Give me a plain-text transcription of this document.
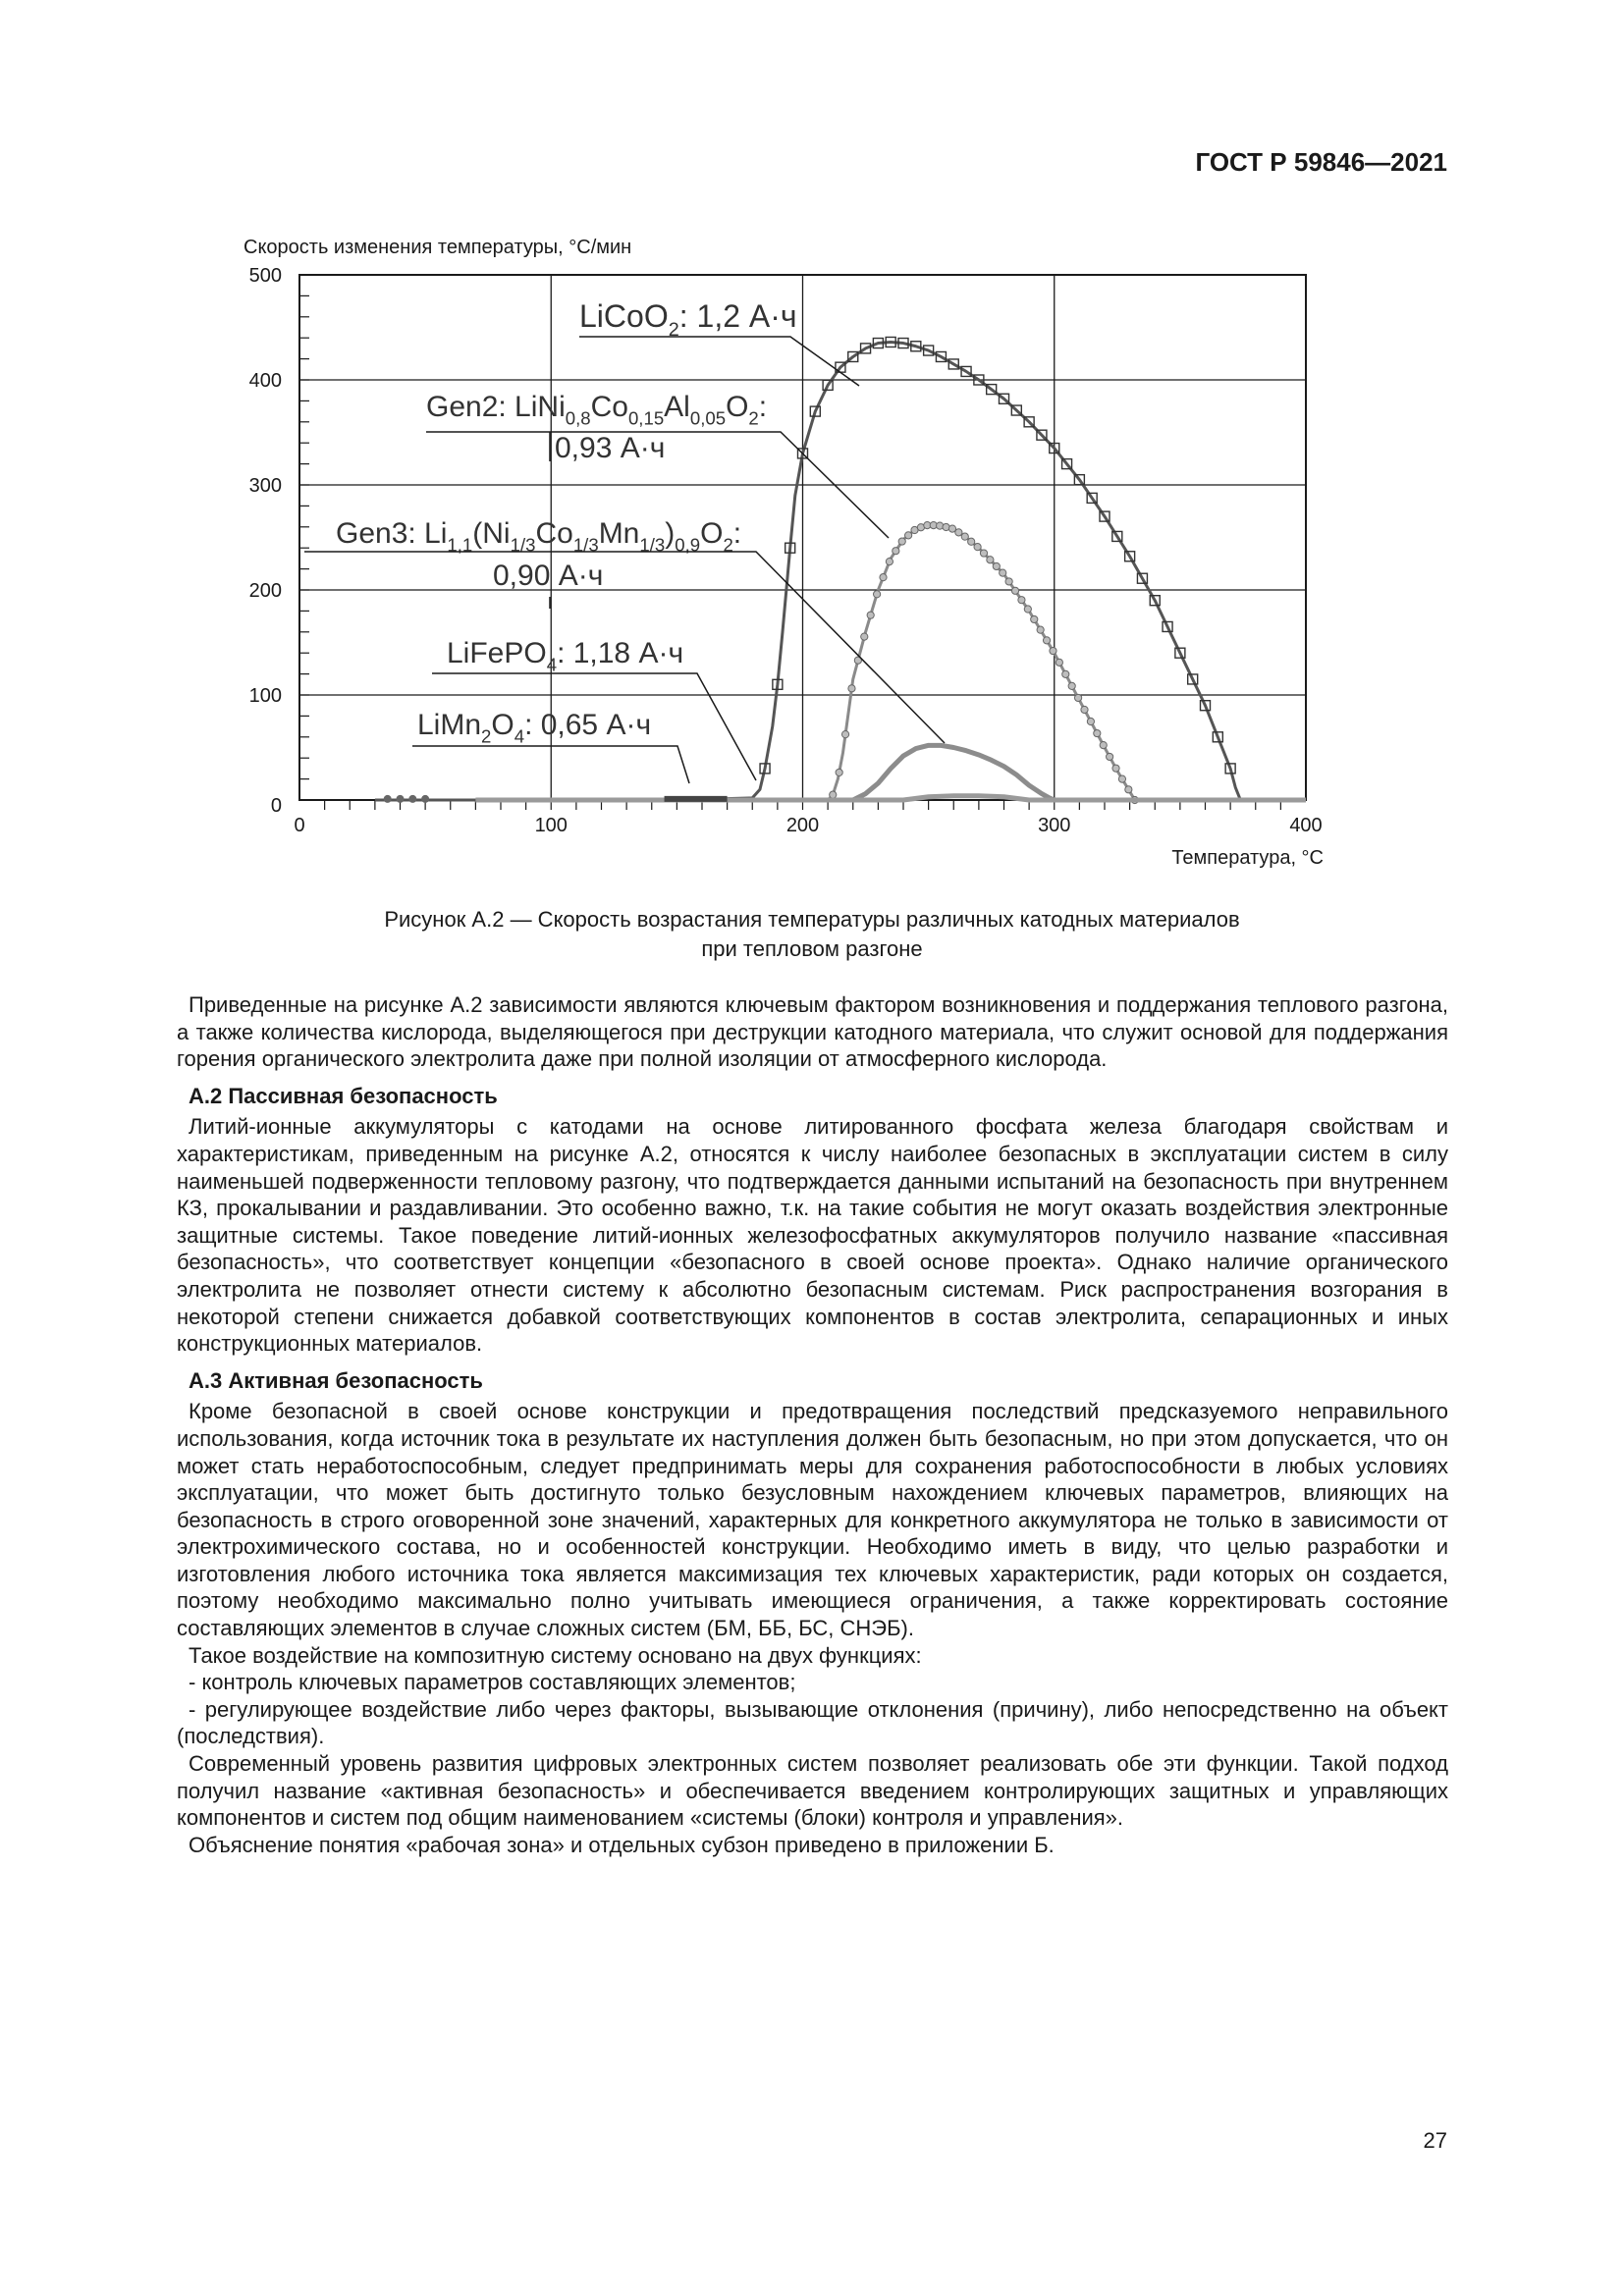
ГОСТ Р 59846—2021
Скорость изменения температуры, °С/мин
Температура, °С
0	100	200	300	400
0
100
200
300
400
500
LiCoO$_2$: 1,2 А·ч
Gen2: $LiNi_{0,8}Co_{0,15}Al_{0,05}O_2$:
0,93 А·ч
Gen3: $Li_{1,1}(Ni_{1/3}Co_{1/3}Mn_{1/3})_{0,9}O_2$:
0,90 А·ч
LiFePO$_4$: 1,18 А·ч
$LiMn_2O_4$: 0,65 А·ч
Рисунок А.2 — Скорость возрастания температуры различных катодных материалов
при тепловом разгоне

Приведенные на рисунке А.2 зависимости являются ключевым фактором возникновения и поддержания теплового разгона, а также количества кислорода, выделяющегося при деструкции катодного материала, что служит основой для поддержания горения органического электролита даже при полной изоляции от атмосферного кислорода.

А.2 Пассивная безопасность

Литий-ионные аккумуляторы с катодами на основе литированного фосфата железа благодаря свойствам и характеристикам, приведенным на рисунке А.2, относятся к числу наиболее безопасных в эксплуатации систем в силу наименьшей подверженности тепловому разгону, что подтверждается данными испытаний на безопасность при внутреннем КЗ, прокалывании и раздавливании. Это особенно важно, т.к. на такие события не могут оказать воздействия электронные защитные системы. Такое поведение литий-ионных железофосфатных аккумуляторов получило название «пассивная безопасность», что соответствует концепции «безопасного в своей основе проекта». Однако наличие органического электролита не позволяет отнести систему к абсолютно безопасным системам. Риск распространения возгорания в некоторой степени снижается добавкой соответствующих компонентов в состав электролита, сепарационных и иных конструкционных материалов.

А.3 Активная безопасность

Кроме безопасной в своей основе конструкции и предотвращения последствий предсказуемого неправильного использования, когда источник тока в результате их наступления должен быть безопасным, но при этом допускается, что он может стать неработоспособным, следует предпринимать меры для сохранения работоспособности в любых условиях эксплуатации, что может быть достигнуто только безусловным нахождением ключевых параметров, влияющих на безопасность в строго оговоренной зоне значений, характерных для конкретного аккумулятора не только в зависимости от электрохимического состава, но и особенностей конструкции. Необходимо иметь в виду, что целью разработки и изготовления любого источника тока является максимизация тех ключевых характеристик, ради которых он создается, поэтому необходимо максимально полно учитывать имеющиеся ограничения, а также корректировать состояние составляющих элементов в случае сложных систем (БМ, ББ, БС, СНЭБ).

Такое воздействие на композитную систему основано на двух функциях:

- контроль ключевых параметров составляющих элементов;

- регулирующее воздействие либо через факторы, вызывающие отклонения (причину), либо непосредственно на объект (последствия).

Современный уровень развития цифровых электронных систем позволяет реализовать обе эти функции. Такой подход получил название «активная безопасность» и обеспечивается введением контролирующих защитных и управляющих компонентов и систем под общим наименованием «системы (блоки) контроля и управления».

Объяснение понятия «рабочая зона» и отдельных субзон приведено в приложении Б.

27
